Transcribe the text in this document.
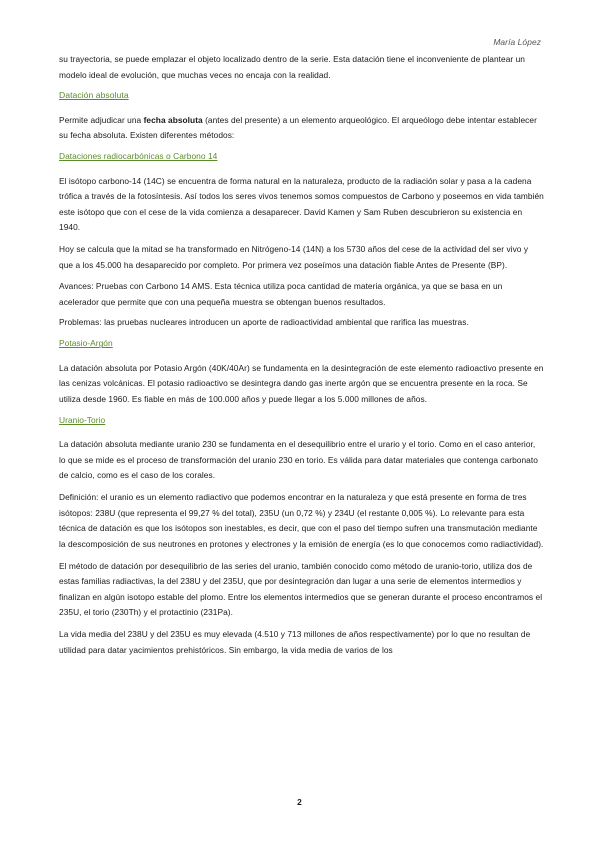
María López

su trayectoria, se puede emplazar el objeto localizado dentro de la serie. Esta datación tiene el inconveniente de plantear un modelo ideal de evolución, que muchas veces no encaja con la realidad.

Datación absoluta

Permite adjudicar una fecha absoluta (antes del presente) a un elemento arqueológico. El arqueólogo debe intentar establecer su fecha absoluta. Existen diferentes métodos:

Dataciones radiocarbónicas o Carbono 14

El isótopo carbono-14 (14C) se encuentra de forma natural en la naturaleza, producto de la radiación solar y pasa a la cadena trófica a través de la fotosíntesis. Así todos los seres vivos tenemos somos compuestos de Carbono y poseemos en vida también este isótopo que con el cese de la vida comienza a desaparecer. David Kamen y Sam Ruben descubrieron su existencia en 1940.

Hoy se calcula que la mitad se ha transformado en Nitrógeno-14 (14N) a los 5730 años del cese de la actividad del ser vivo y que a los 45.000 ha desaparecido por completo. Por primera vez poseímos una datación fiable Antes de Presente (BP).

Avances: Pruebas con Carbono 14 AMS. Esta técnica utiliza poca cantidad de materia orgánica, ya que se basa en un acelerador que permite que con una pequeña muestra se obtengan buenos resultados.

Problemas: las pruebas nucleares introducen un aporte de radioactividad ambiental que rarifica las muestras.

Potasio-Argón

La datación absoluta por Potasio Argón (40K/40Ar) se fundamenta en la desintegración de este elemento radioactivo presente en las cenizas volcánicas. El potasio radioactivo se desintegra dando gas inerte argón que se encuentra presente en la roca. Se utiliza desde 1960. Es fiable en más de 100.000 años y puede llegar a los 5.000 millones de años.

Uranio-Torio

La datación absoluta mediante uranio 230 se fundamenta en el desequilibrio entre el urario y el torio. Como en el caso anterior, lo que se mide es el proceso de transformación del uranio 230 en torio. Es válida para datar materiales que contenga carbonato de calcio, como es el caso de los corales.

Definición: el uranio es un elemento radiactivo que podemos encontrar en la naturaleza y que está presente en forma de tres isótopos: 238U (que representa el 99,27 % del total), 235U (un 0,72 %) y 234U (el restante 0,005 %). Lo relevante para esta técnica de datación es que los isótopos son inestables, es decir, que con el paso del tiempo sufren una transmutación mediante la descomposición de sus neutrones en protones y electrones y la emisión de energía (es lo que conocemos como radiactividad).

El método de datación por desequilibrio de las series del uranio, también conocido como método de uranio-torio, utiliza dos de estas familias radiactivas, la del 238U y del 235U, que por desintegración dan lugar a una serie de elementos intermedios y finalizan en algún isotopo estable del plomo. Entre los elementos intermedios que se generan durante el proceso encontramos el 235U, el torio (230Th) y el protactinio (231Pa).

La vida media del 238U y del 235U es muy elevada (4.510 y 713 millones de años respectivamente) por lo que no resultan de utilidad para datar yacimientos prehistóricos. Sin embargo, la vida media de varios de los

2
